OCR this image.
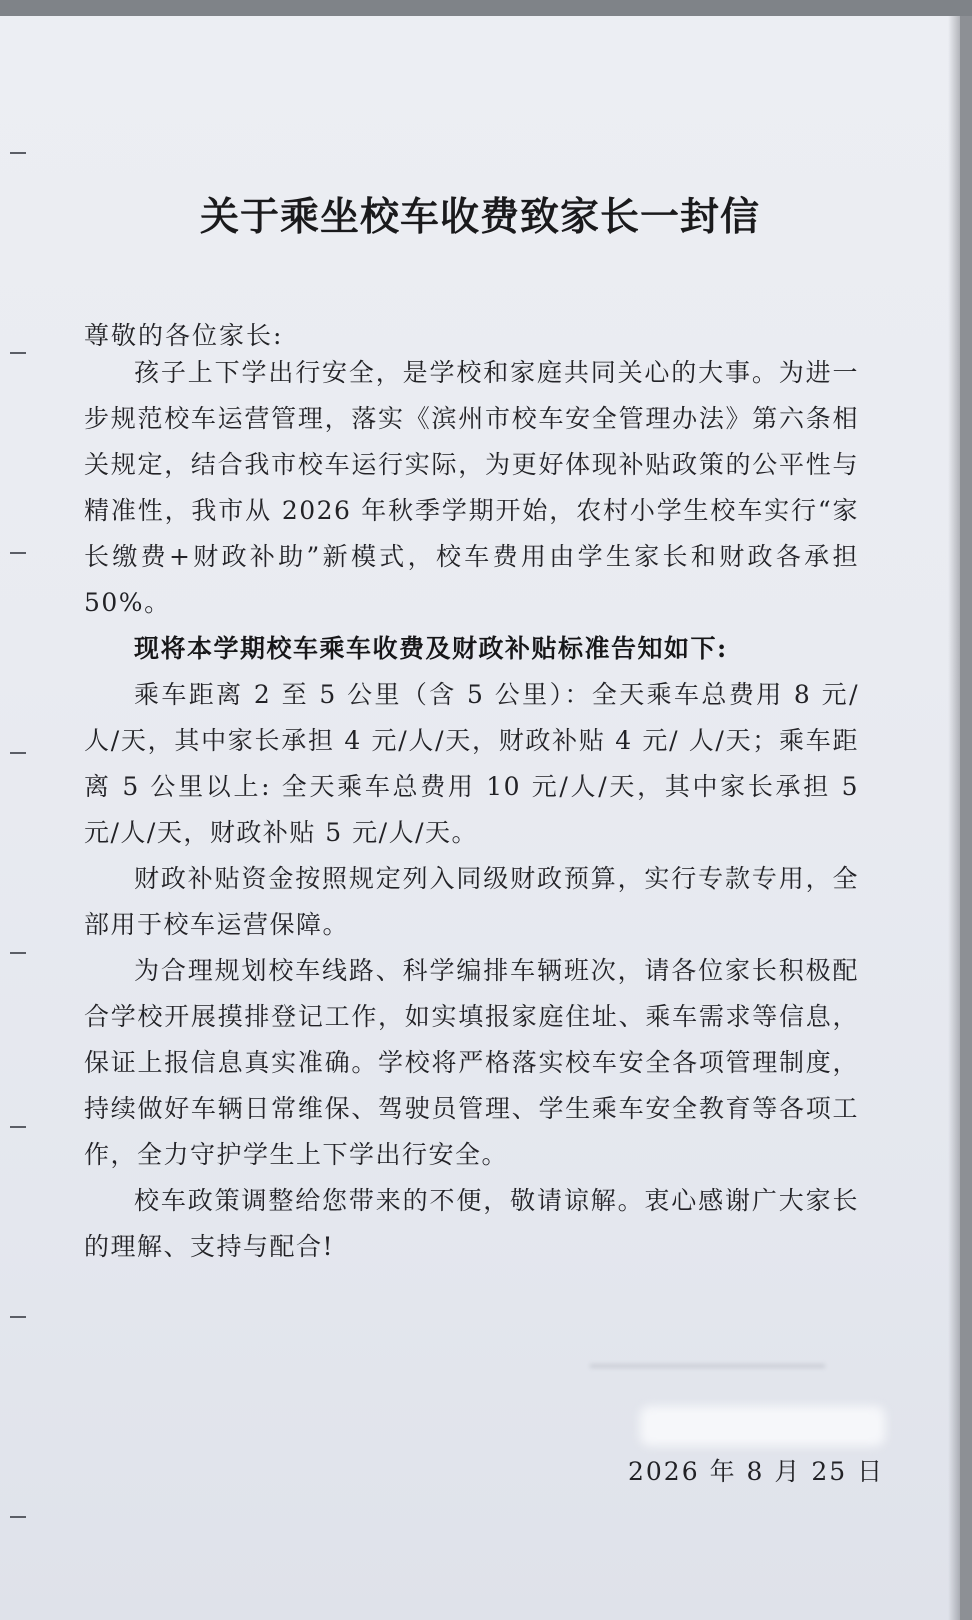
关于乘坐校车收费致家长一封信

尊敬的各位家长:

孩子上下学出行安全，是学校和家庭共同关心的大事。为进一步规范校车运营管理，落实《滨州市校车安全管理办法》第六条相关规定，结合我市校车运行实际，为更好体现补贴政策的公平性与精准性，我市从 2026 年秋季学期开始，农村小学生校车实行“家长缴费+财政补助”新模式，校车费用由学生家长和财政各承担 50%。

现将本学期校车乘车收费及财政补贴标准告知如下:

乘车距离 2 至 5 公里（含 5 公里）：全天乘车总费用 8 元/人/天，其中家长承担 4 元/人/天，财政补贴 4 元/ 人/天；乘车距离 5 公里以上: 全天乘车总费用 10 元/人/天，其中家长承担 5 元/人/天，财政补贴 5 元/人/天。

财政补贴资金按照规定列入同级财政预算，实行专款专用，全部用于校车运营保障。

为合理规划校车线路、科学编排车辆班次，请各位家长积极配合学校开展摸排登记工作，如实填报家庭住址、乘车需求等信息，保证上报信息真实准确。学校将严格落实校车安全各项管理制度，持续做好车辆日常维保、驾驶员管理、学生乘车安全教育等各项工作，全力守护学生上下学出行安全。

校车政策调整给您带来的不便，敬请谅解。衷心感谢广大家长的理解、支持与配合!

2026 年 8 月 25 日
